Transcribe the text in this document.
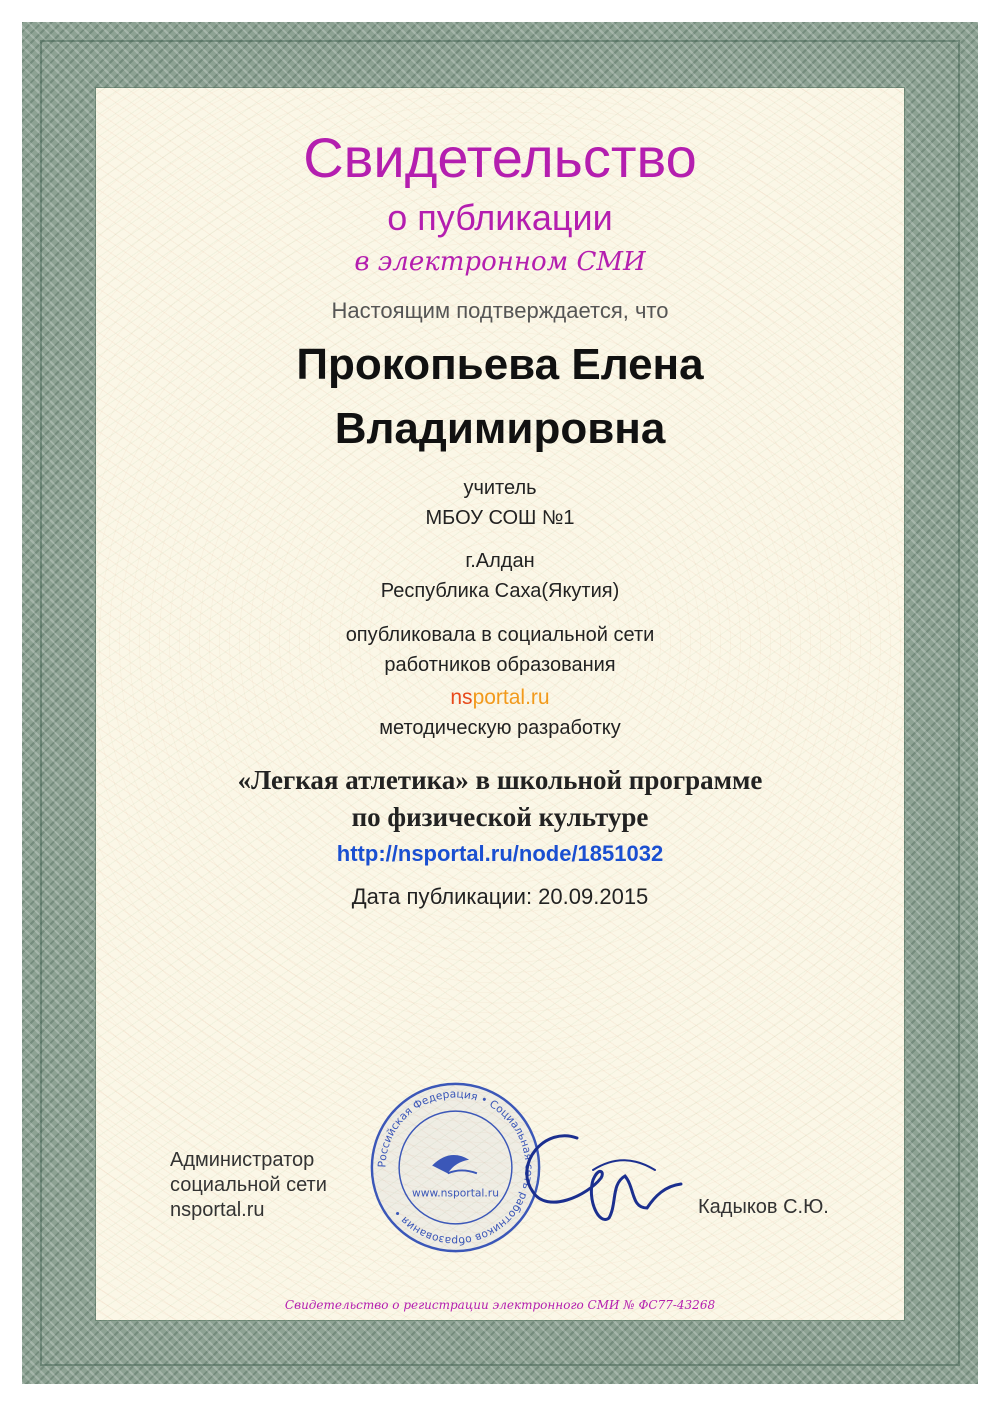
Свидетельство
о публикации
в электронном СМИ
Настоящим подтверждается, что
Прокопьева Елена
Владимировна
учитель
МБОУ СОШ №1
г.Алдан
Республика Саха(Якутия)
опубликовала в социальной сети
работников образования
nsportal.ru
методическую разработку
«Легкая атлетика» в школьной программе
по физической культуре
http://nsportal.ru/node/1851032
Дата публикации: 20.09.2015
Администратор
социальной сети
nsportal.ru
Российская Федерация • Социальная сеть работников образования •
www.nsportal.ru
Кадыков С.Ю.
Свидетельство о регистрации электронного СМИ № ФС77-43268
